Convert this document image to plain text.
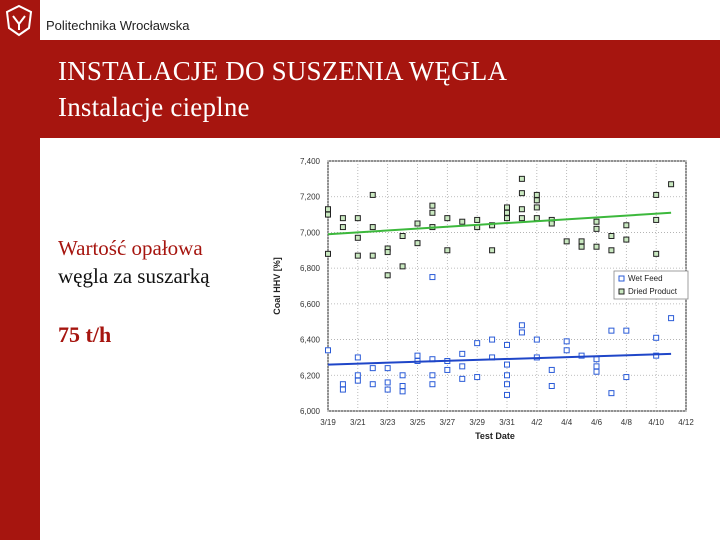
Politechnika Wrocławska
INSTALACJE DO SUSZENIA WĘGLA
Instalacje cieplne
Wartość opałowa
węgla za suszarką
75 t/h
6,000
6,200
6,400
6,600
6,800
7,000
7,200
7,400
3/19 3/21 3/23 3/25 3/27 3/29 3/31 4/2 4/4 4/6 4/8 4/10 4/12
Wet Feed
Dried Product
Test Date
Coal HHV [%]
